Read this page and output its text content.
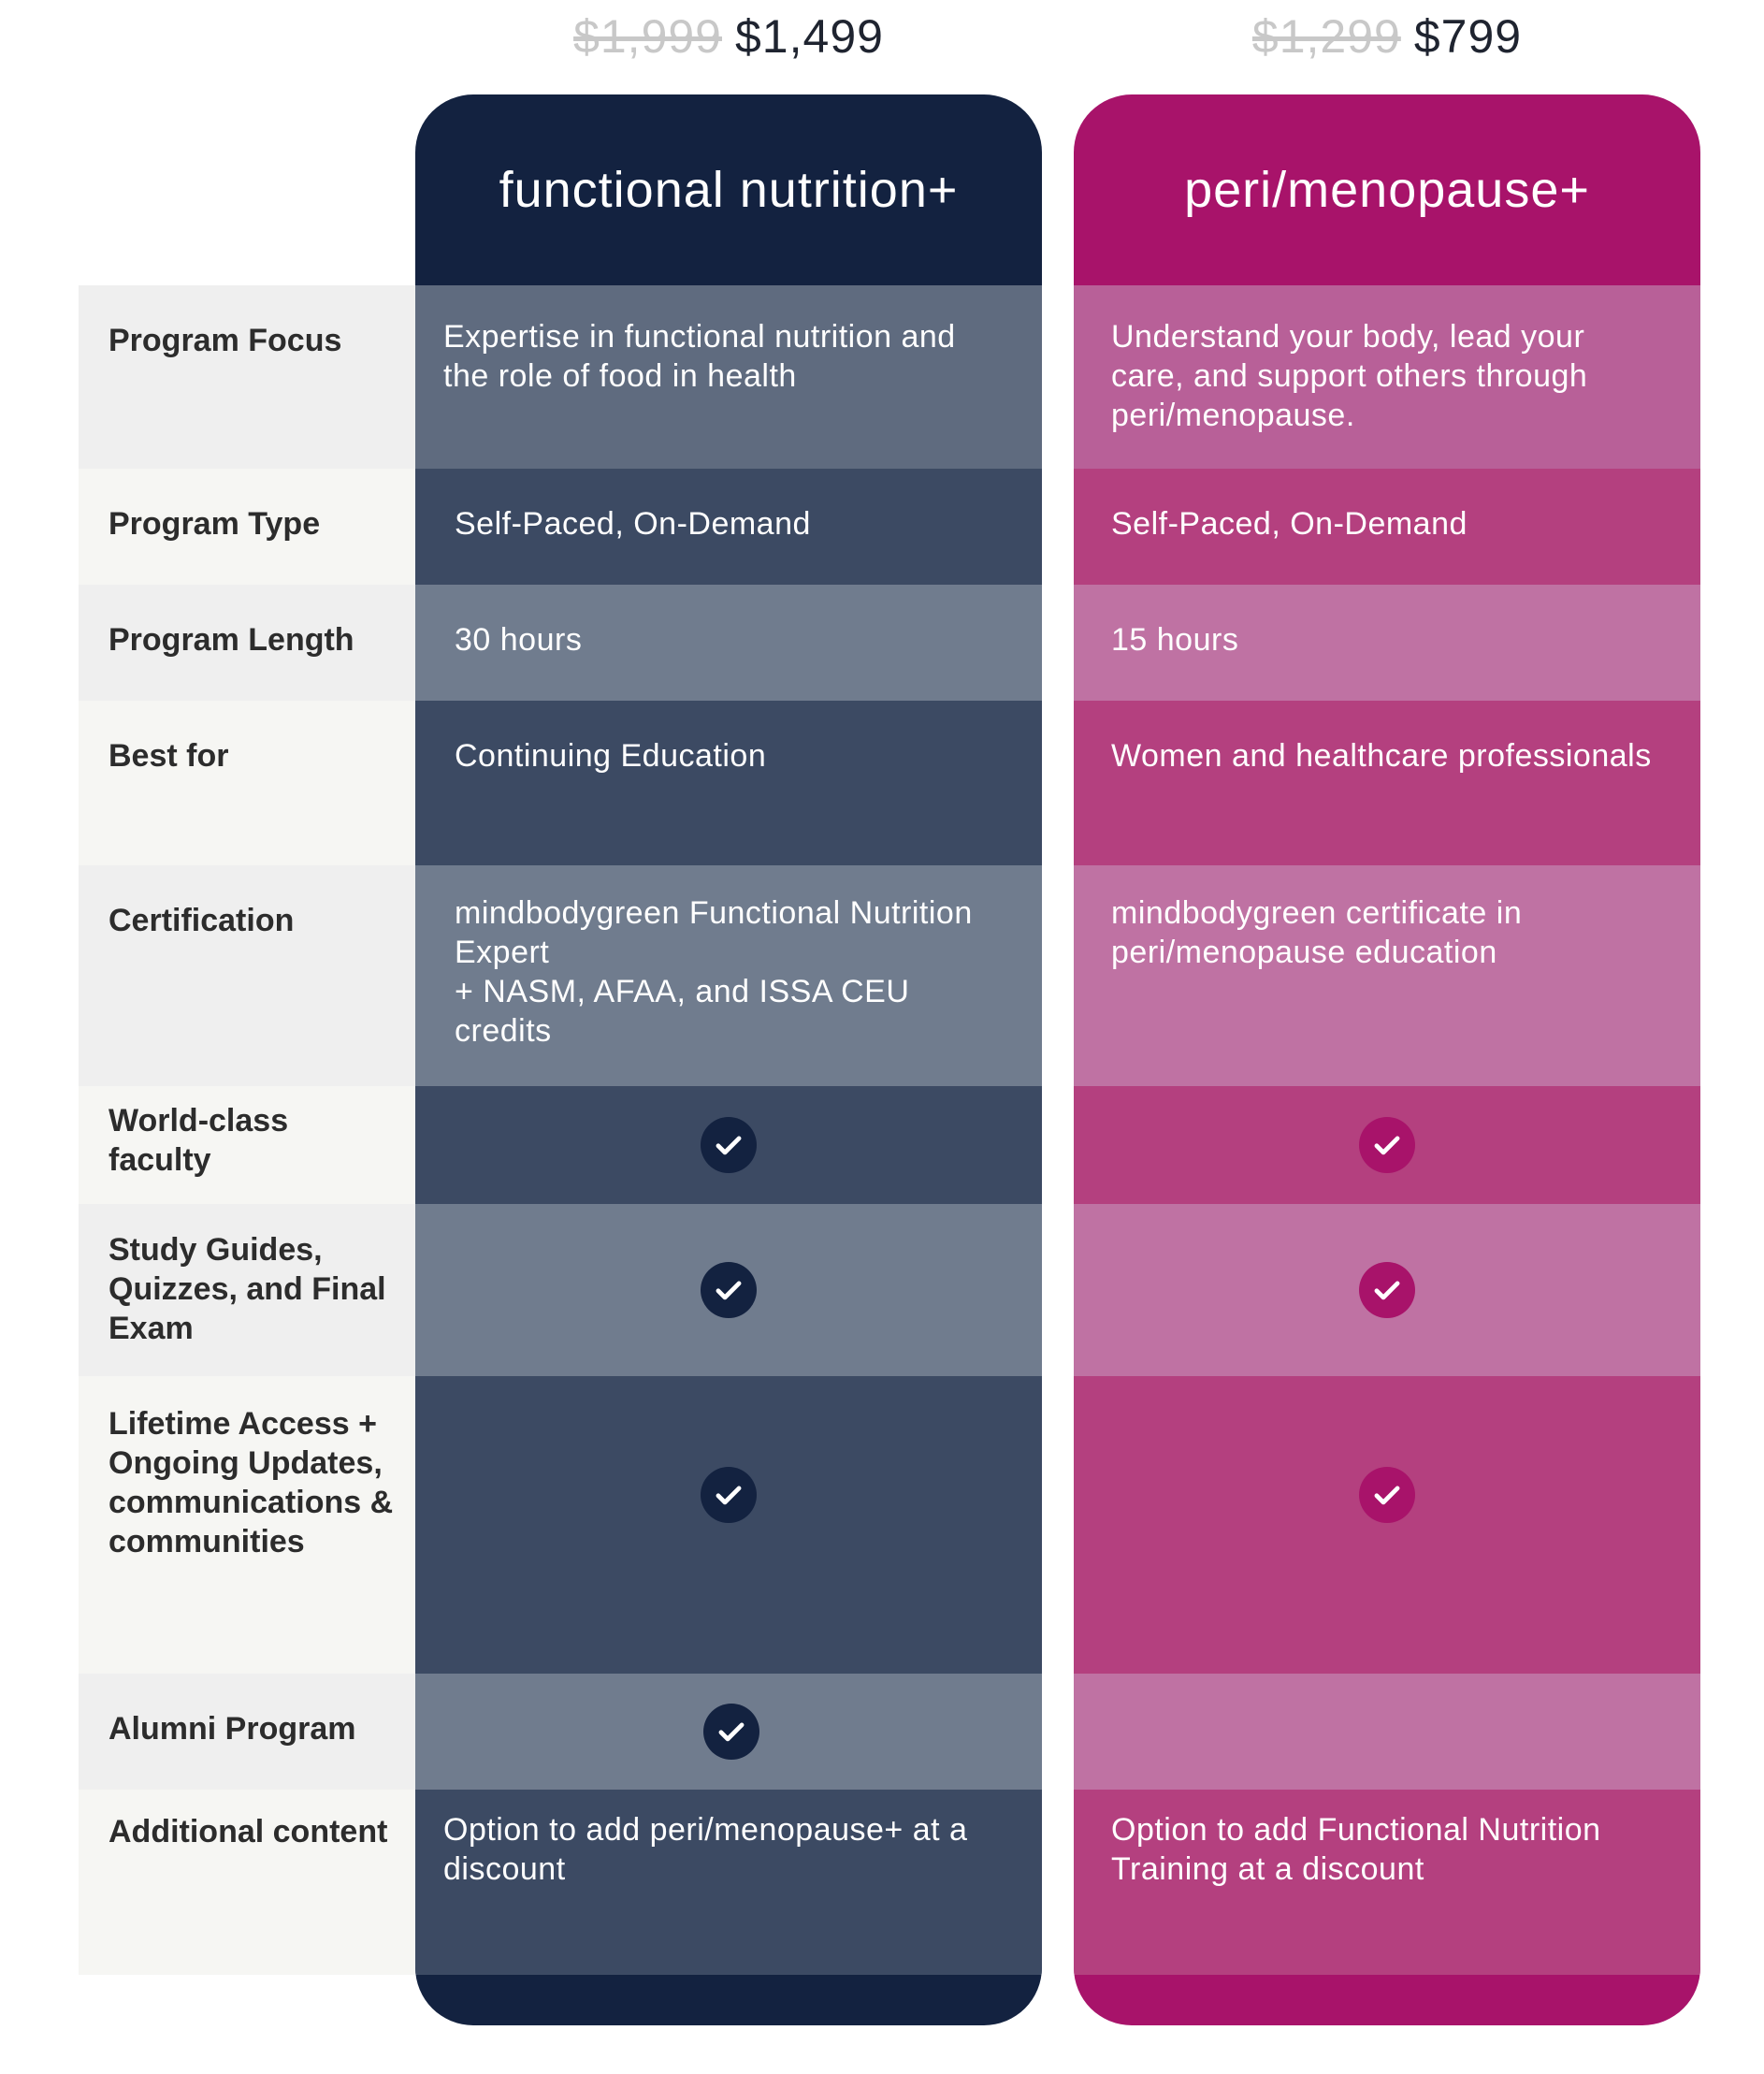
$1,999 $1,499	$1,299 $799
Program Focus
Program Type
Program Length
Best for
Certification
World-class faculty
Study Guides, Quizzes, and Final Exam
Lifetime Access + Ongoing Updates, communications & communities
Alumni Program
Additional content
functional nutrition+
Expertise in functional nutrition and the role of food in health
Self-Paced, On-Demand
30 hours
Continuing Education
mindbodygreen Functional Nutrition Expert
+ NASM, AFAA, and ISSA CEU credits
Option to add peri/menopause+ at a discount
peri/menopause+
Understand your body, lead your care, and support others through peri/menopause.
Self-Paced, On-Demand
15 hours
Women and healthcare professionals
mindbodygreen certificate in peri/menopause education
Option to add Functional Nutrition Training at a discount
